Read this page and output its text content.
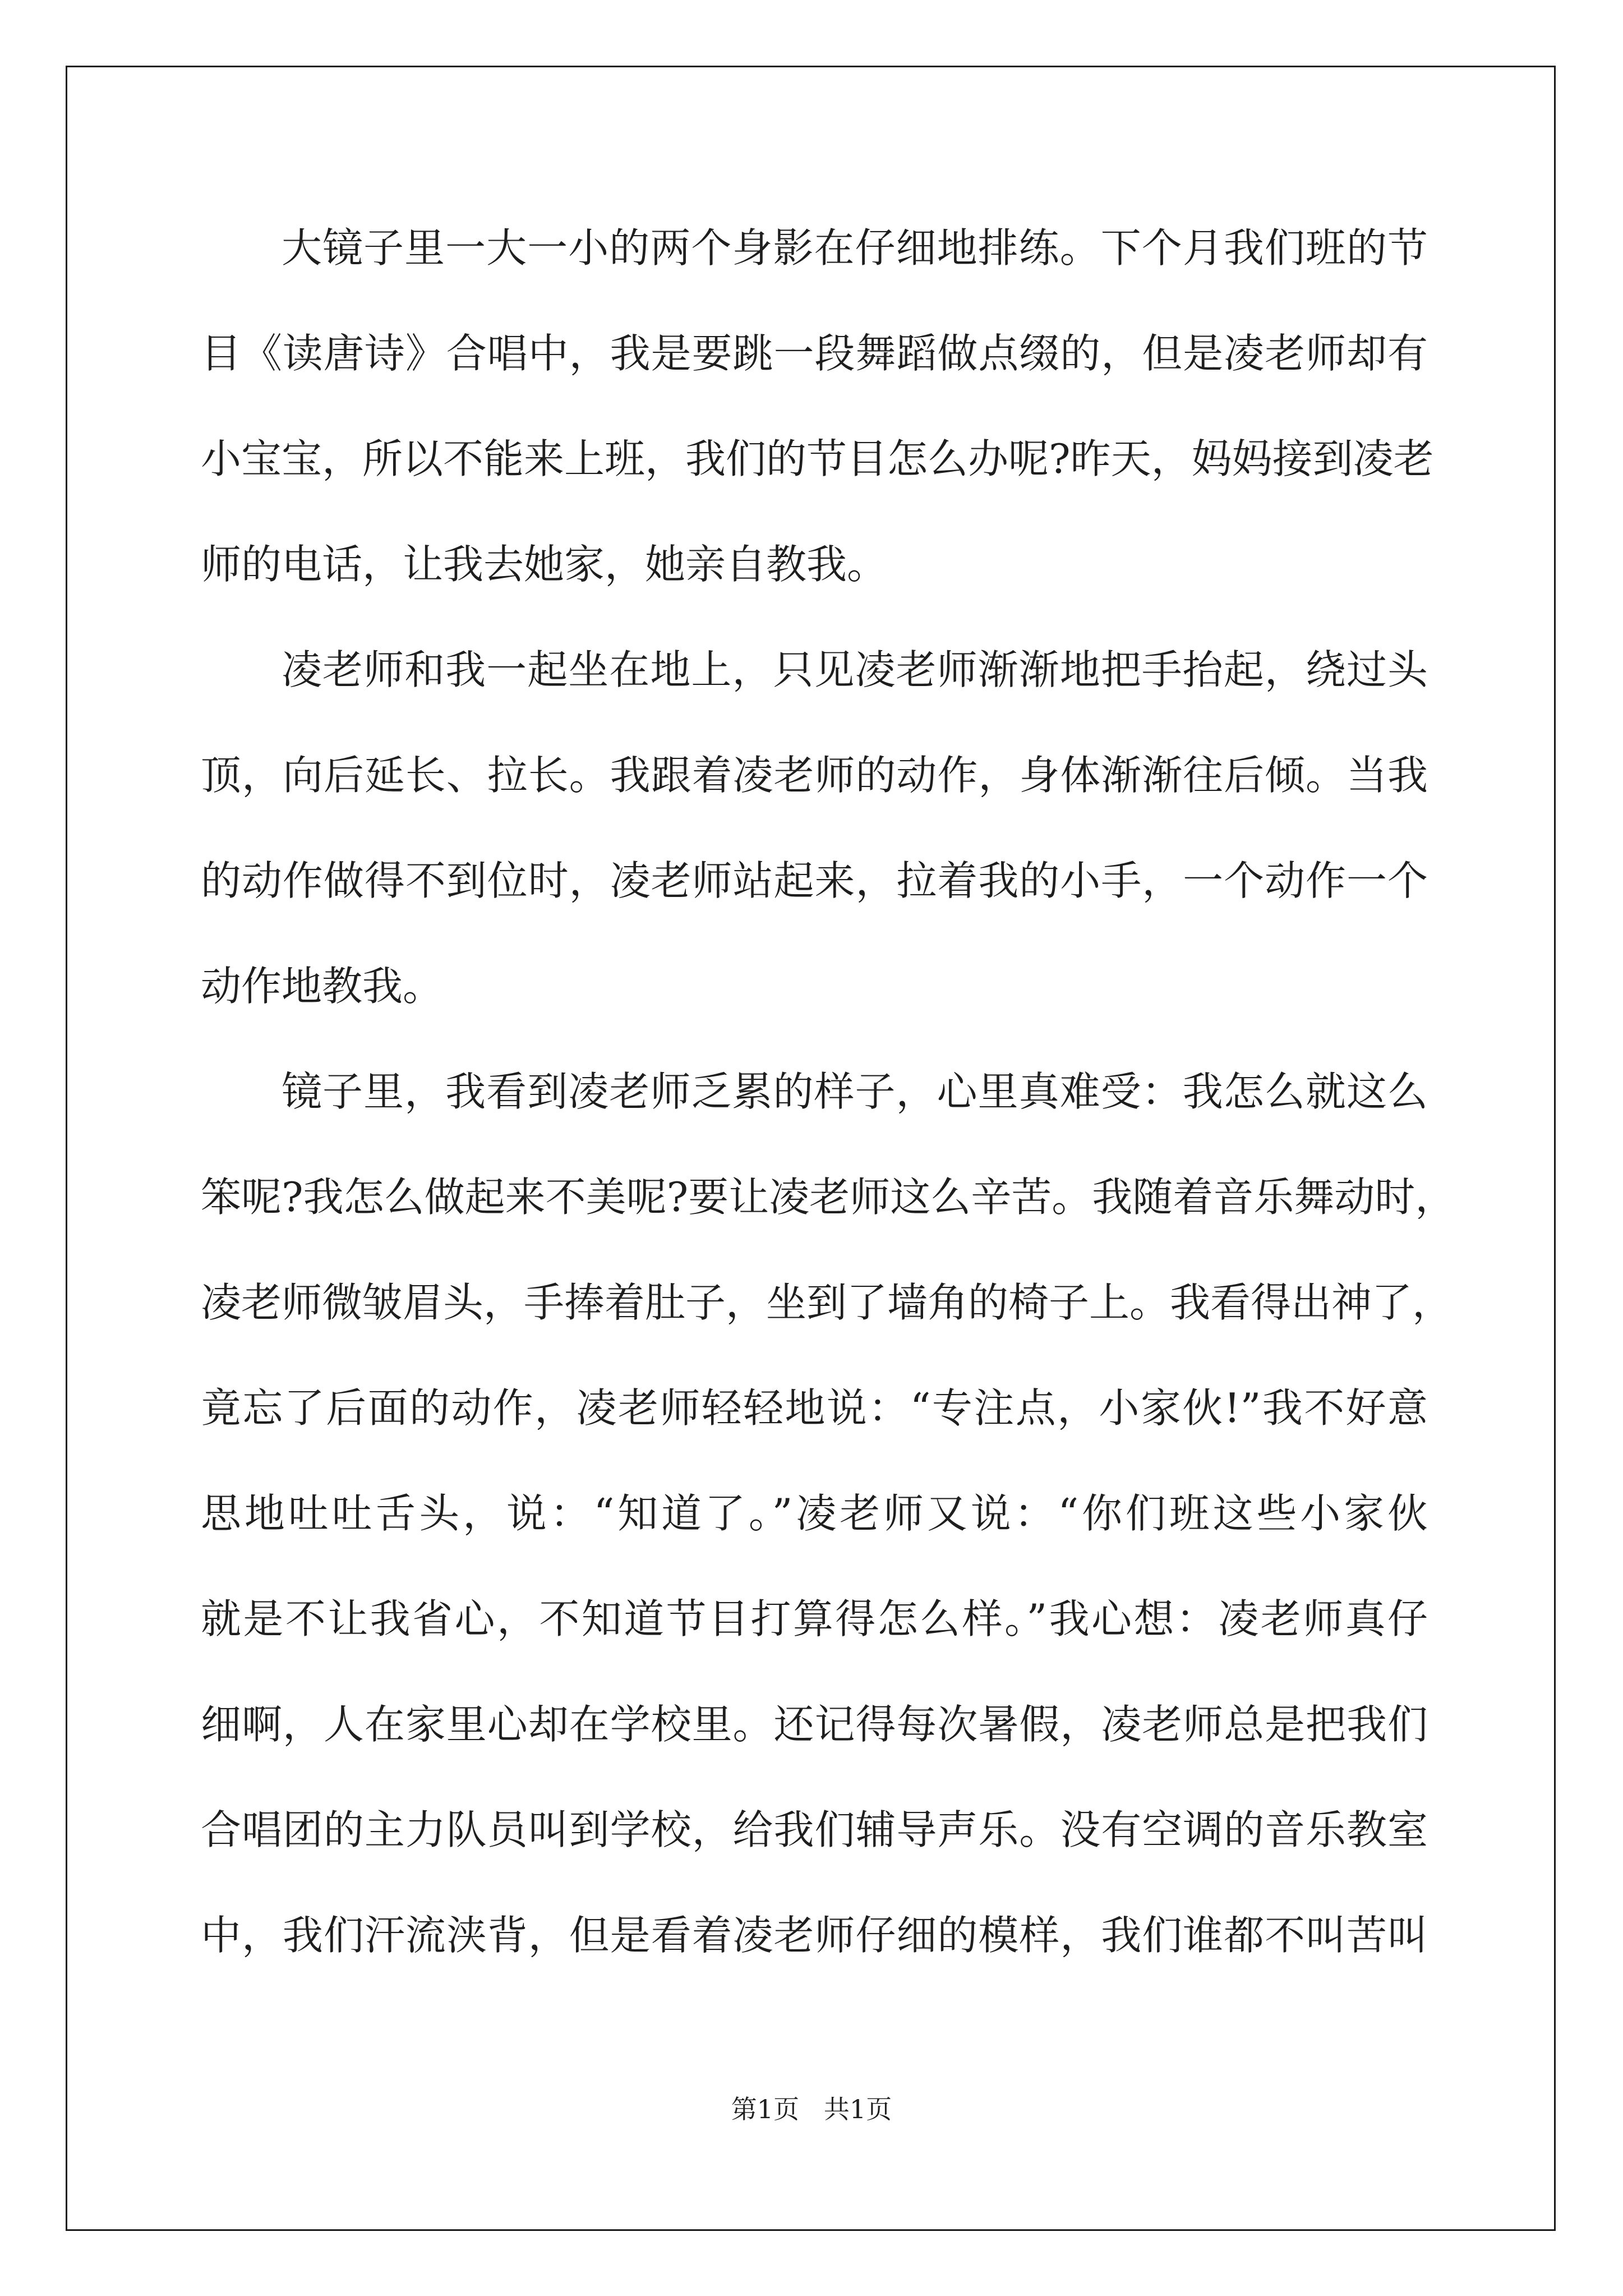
大镜子里一大一小的两个身影在仔细地排练。下个月我们班的节

目《读唐诗》合唱中，我是要跳一段舞蹈做点缀的，但是凌老师却有

小宝宝，所以不能来上班，我们的节目怎么办呢?昨天，妈妈接到凌老

师的电话，让我去她家，她亲自教我。

凌老师和我一起坐在地上，只见凌老师渐渐地把手抬起，绕过头

顶，向后延长、拉长。我跟着凌老师的动作，身体渐渐往后倾。当我

的动作做得不到位时，凌老师站起来，拉着我的小手，一个动作一个

动作地教我。

镜子里，我看到凌老师乏累的样子，心里真难受：我怎么就这么

笨呢?我怎么做起来不美呢?要让凌老师这么辛苦。我随着音乐舞动时，

凌老师微皱眉头，手捧着肚子，坐到了墙角的椅子上。我看得出神了，

竟忘了后面的动作，凌老师轻轻地说：“专注点，小家伙!”我不好意

思地吐吐舌头，说：“知道了。”凌老师又说：“你们班这些小家伙

就是不让我省心，不知道节目打算得怎么样。”我心想：凌老师真仔

细啊，人在家里心却在学校里。还记得每次暑假，凌老师总是把我们

合唱团的主力队员叫到学校，给我们辅导声乐。没有空调的音乐教室

中，我们汗流浃背，但是看着凌老师仔细的模样，我们谁都不叫苦叫

第1页   共1页
